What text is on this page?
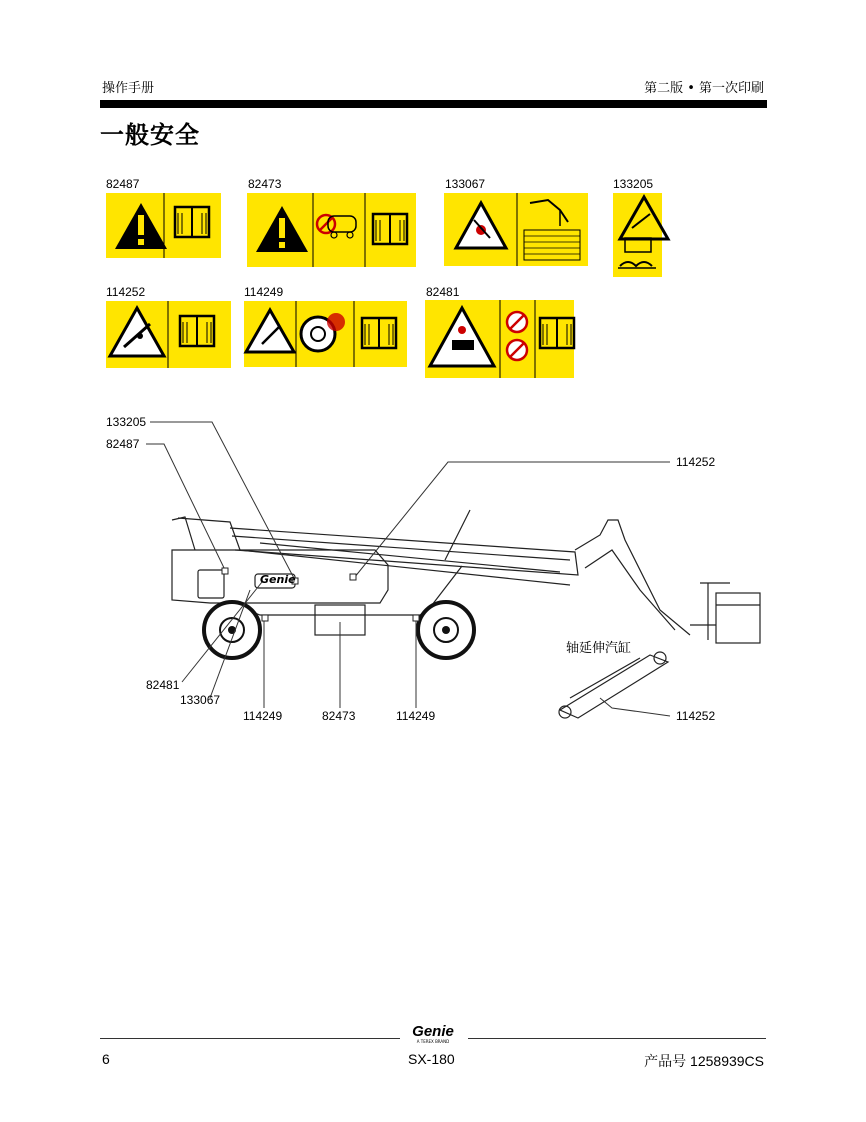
操作手册	第二版 • 第一次印刷
一般安全
82487	82473	133067	133205
114252	114249	82481
133205
82487
114252
82481
133067
114249	82473	114249	114252
轴延伸汽缸
Genie
Genie
A TEREX BRAND
6	SX-180	产品号 1258939CS
